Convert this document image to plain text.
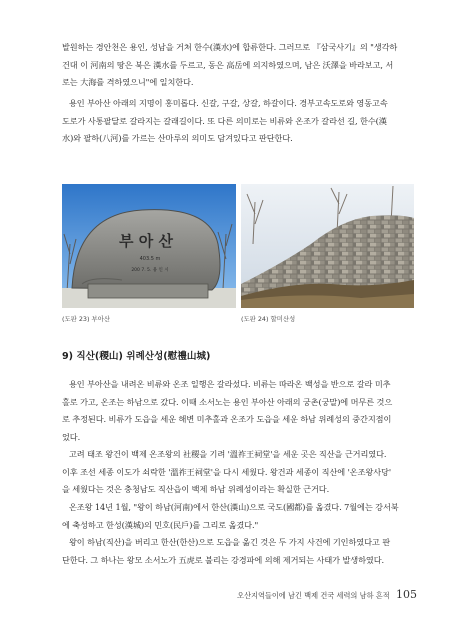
발원하는 경안천은 용인, 성남을 거쳐 한수(漢水)에 합류한다. 그러므로 『삼국사기』의 "생각하
건대 이 河南의 땅은 북은 漢水를 두르고, 동은 高岳에 의지하였으며, 남은 沃澤을 바라보고, 서
로는 大海를 격하였으니"에 일치한다.

용인 부아산 아래의 지명이 홍미롭다. 신갈, 구갈, 상갈, 하갈이다. 경부고속도로와 영동고속
도로가 사통팔달로 갈라지는 갈래길이다. 또 다른 의미로는 비류와 온조가 갈라선 길, 한수(漢
水)와 팔하(八河)를 가르는 산마루의 의미도 담겨있다고 판단한다.

부 아 산
403.5 m
200 7. 5. 용 인 시
(도판 23) 부아산	(도판 24) 할미산성
9) 직산(稷山) 위례산성(慰禮山城)

용인 부아산을 내려온 비류와 온조 일행은 갈라섰다. 비류는 따라온 백성을 반으로 갈라 미추
홀로 가고, 온조는 하남으로 갔다. 이때 소서노는 용인 부아산 아래의 궁촌(궁말)에 머무른 것으
로 추정된다. 비류가 도읍을 세운 해변 미추홀과 온조가 도읍을 세운 하남 위례성의 중간지점이
었다.

고려 태조 왕건이 백제 온조왕의 社稷을 기려 '溫祚王祠堂'을 세운 곳은 직산을 근거리였다.
이후 조선 세종 이도가 쇠락한 '溫祚王祠堂'을 다시 세웠다. 왕건과 세종이 직산에 '온조왕사당'
을 세웠다는 것은 충청남도 직산읍이 백제 하남 위례성이라는 확실한 근거다.

온조왕 14년 1월, "왕이 하남(河南)에서 한산(漢山)으로 국도(國都)를 옮겼다. 7월에는 강서북
에 축성하고 한성(漢城)의 민호(民戶)를 그리로 옮겼다."

왕이 하남(직산)을 버리고 한산(한산)으로 도읍을 옮긴 것은 두 가지 사건에 기인하였다고 판
단한다. 그 하나는 왕모 소서노가 五虎로 불리는 강경파에 의해 제거되는 사태가 발생하였다.

오산지역들이에 남긴 백제 건국 세력의 남하 흔적 105
